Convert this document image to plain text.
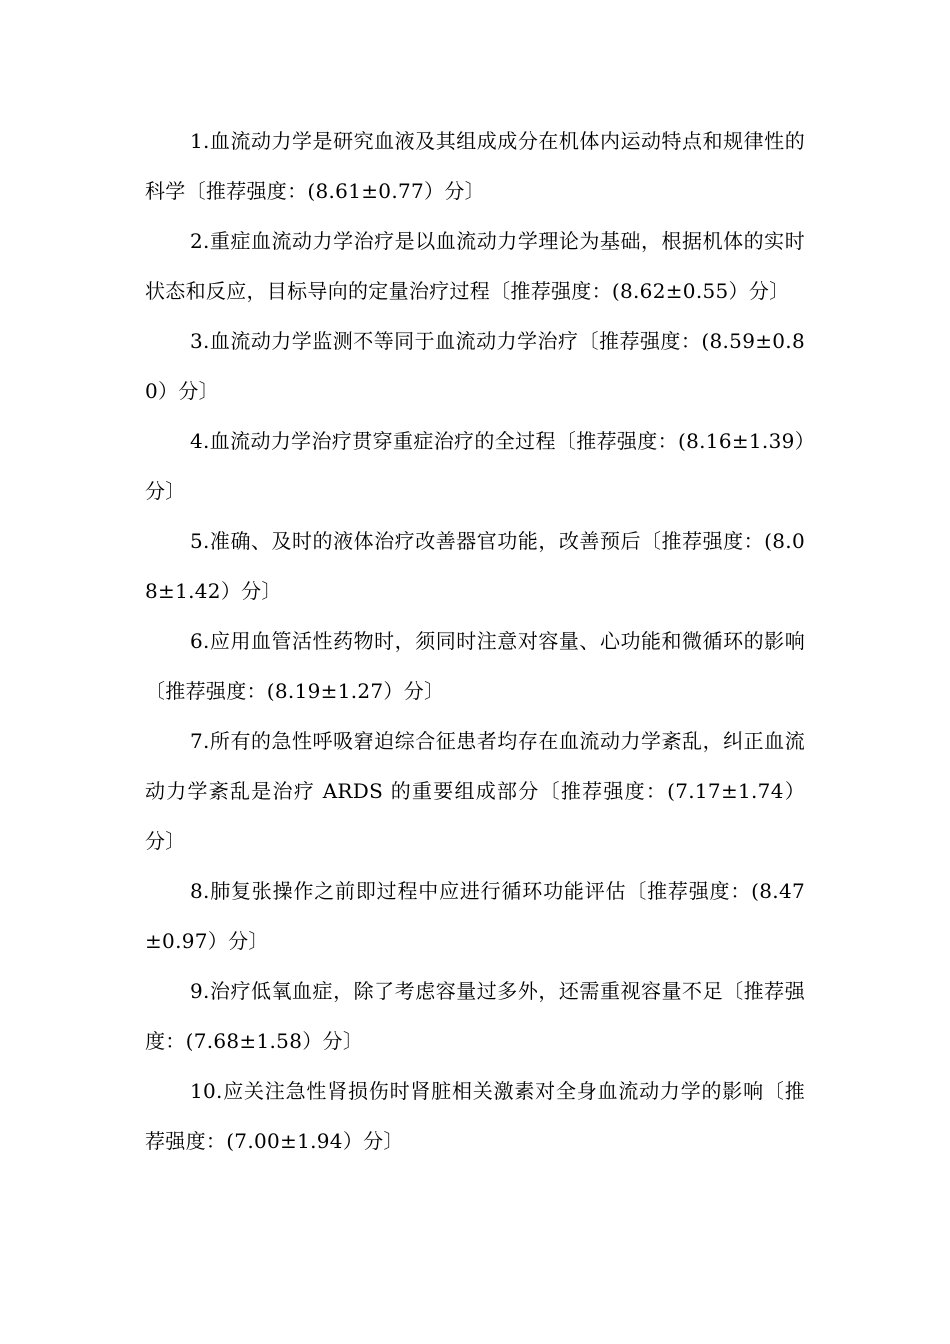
1.血流动力学是研究血液及其组成成分在机体内运动特点和规律性的科学〔推荐强度：(8.61±0.77）分〕

2.重症血流动力学治疗是以血流动力学理论为基础，根据机体的实时状态和反应，目标导向的定量治疗过程〔推荐强度：(8.62±0.55）分〕

3.血流动力学监测不等同于血流动力学治疗〔推荐强度：(8.59±0.80）分〕

4.血流动力学治疗贯穿重症治疗的全过程〔推荐强度：(8.16±1.39）分〕

5.准确、及时的液体治疗改善器官功能，改善预后〔推荐强度：(8.08±1.42）分〕

6.应用血管活性药物时，须同时注意对容量、心功能和微循环的影响〔推荐强度：(8.19±1.27）分〕

7.所有的急性呼吸窘迫综合征患者均存在血流动力学紊乱，纠正血流动力学紊乱是治疗 ARDS 的重要组成部分〔推荐强度：(7.17±1.74）分〕

8.肺复张操作之前即过程中应进行循环功能评估〔推荐强度：(8.47±0.97）分〕

9.治疗低氧血症，除了考虑容量过多外，还需重视容量不足〔推荐强度：(7.68±1.58）分〕

10.应关注急性肾损伤时肾脏相关激素对全身血流动力学的影响〔推荐强度：(7.00±1.94）分〕
